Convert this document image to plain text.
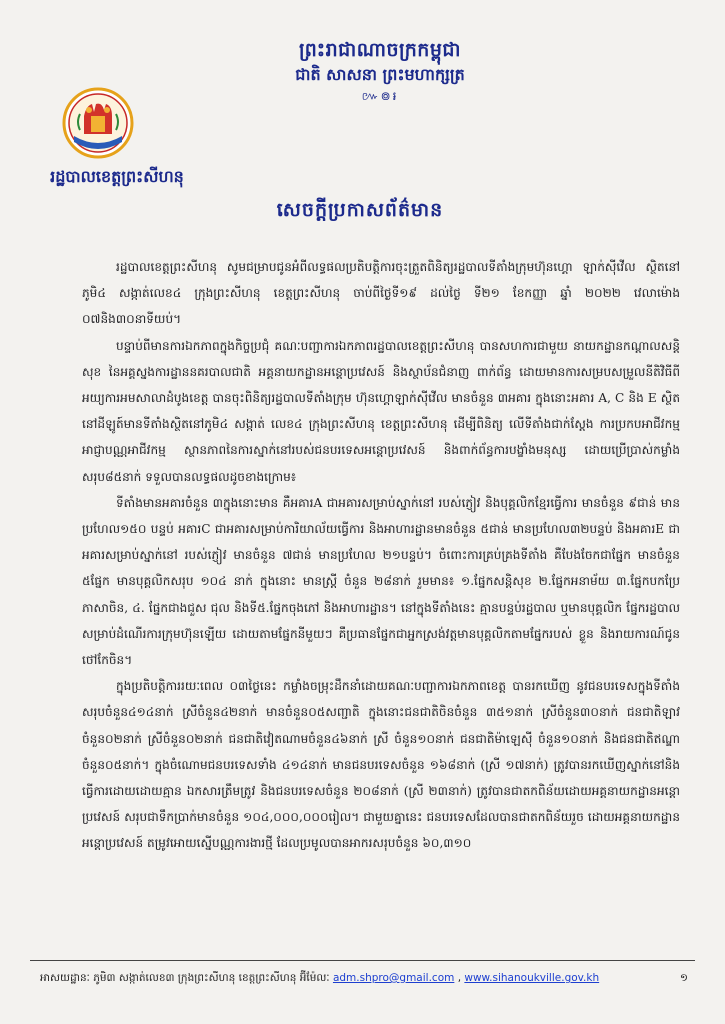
ព្រះរាជាណាចក្រកម្ពុជា
ជាតិ សាសនា ព្រះមហាក្សត្រ
៚៙៛
រដ្ឋបាលខេត្តព្រះសីហនុ
សេចក្តីប្រកាសព័ត៌មាន

រដ្ឋបាលខេត្តព្រះសីហនុ សូមជម្រាបជូនអំពីលទ្ធផលប្រតិបត្តិការចុះត្រួតពិនិត្យរដ្ឋបាលទីតាំងក្រុមហ៊ុនហ្គោ ឡាក់ស៊ីវើល ស្ថិតនៅភូមិ៤ សង្កាត់លេខ៤ ក្រុងព្រះសីហនុ ខេត្តព្រះសីហនុ ចាប់ពីថ្ងៃទី១៩ ដល់ថ្ងៃ ទី២១ ខែកញ្ញា ឆ្នាំ ២០២២ វេលាម៉ោង ០៧និង៣០នាទីយប់។

បន្ទាប់ពីមានការឯកភាពក្នុងកិច្ចប្រជុំ គណៈបញ្ជាការឯកភាពរដ្ឋបាលខេត្តព្រះសីហនុ បានសហការជាមួយ នាយកដ្ឋានកណ្តាលសន្តិសុខ នៃអគ្គស្នងការដ្ឋាននគរបាលជាតិ អគ្គនាយកដ្ឋានអន្តោប្រវេសន៍ និងស្ថាប័នជំនាញ ពាក់ព័ន្ធ ដោយមានការសម្របសម្រួលនីតិវិធីពីអយ្យការអមសាលាដំបូងខេត្ត បានចុះពិនិត្យរដ្ឋបាលទីតាំងក្រុម ហ៊ុនហ្គោឡាក់ស៊ីវើល មានចំនួន ៣អគារ ក្នុងនោះអគារ A, C និង E ស្ថិតនៅដីឡូត៍មានទីតាំងស្ថិតនៅភូមិ៤ សង្កាត់ លេខ៤ ក្រុងព្រះសីហនុ ខេត្តព្រះសីហនុ ដើម្បីពិនិត្យ លើទីតាំងជាក់ស្តែង ការប្រកបអាជីវកម្ម អាជ្ញាបណ្ណអាជីវកម្ម ស្ថានភាពនៃការស្នាក់នៅរបស់ជនបរទេសអន្តោប្រវេសន៍ និងពាក់ព័ន្ធការបង្ខាំងមនុស្ស ដោយប្រើប្រាស់កម្លាំង សរុប៨៥នាក់ ទទួលបានលទ្ធផលដូចខាងក្រោម៖

ទីតាំងមានអគារចំនួន ៣ក្នុងនោះមាន គឺអគារA ជាអគារសម្រាប់ស្នាក់នៅ របស់ភ្ញៀវ និងបុគ្គលិកខ្មែរធ្វើការ មានចំនួន ៩ជាន់ មានប្រហែល១៥០ បន្ទប់ អគារC ជាអគារសម្រាប់ការិយាល័យធ្វើការ និងអាហារដ្ឋានមានចំនួន ៥ជាន់ មានប្រហែល៣២បន្ទប់ និងអគារE ជាអគារសម្រាប់ស្នាក់នៅ របស់ភ្ញៀវ មានចំនួន ៧ជាន់ មានប្រហែល ២១បន្ទប់។ ចំពោះការគ្រប់គ្រងទីតាំង គឺបែងចែកជាផ្នែក មានចំនួន ៥ផ្នែក មានបុគ្គលិកសរុប ១០៤ នាក់ ក្នុងនោះ មានស្ត្រី ចំនួន ២៨នាក់ រួមមាន៖ ១.ផ្នែកសន្តិសុខ ២.ផ្នែកអនាម័យ ៣.ផ្នែកបកប្រែភាសាចិន, ៤. ផ្នែកជាងជួស ជុល និងទី៥.ផ្នែកចុងភៅ និងអាហារដ្ឋាន។ នៅក្នុងទីតាំងនេះ គ្មានបន្ទប់រដ្ឋបាល ឬមានបុគ្គលិក ផ្នែករដ្ឋបាល សម្រាប់ដំណើរការក្រុមហ៊ុនឡើយ ដោយតាមផ្នែកនីមួយៗ គឺប្រធានផ្នែកជាអ្នកស្រង់វត្តមានបុគ្គលិកតាមផ្នែករបស់ ខ្លួន និងរាយការណ៍ជូនថៅកែចិន។

ក្នុងប្រតិបត្តិការរយៈពេល ០៣ថ្ងៃនេះ កម្លាំងចម្រុះដឹកនាំដោយគណៈបញ្ជាការឯកភាពខេត្ត បានរកឃើញ នូវជនបរទេសក្នុងទីតាំងសរុបចំនួន៤១៤នាក់ ស្រីចំនួន៤២នាក់ មានចំនួន០៥សញ្ជាតិ ក្នុងនោះជនជាតិចិនចំនួន ៣៥១នាក់ ស្រីចំនួន៣០នាក់ ជនជាតិឡាវ ចំនួន០២នាក់ ស្រីចំនួន០២នាក់ ជនជាតិវៀតណាមចំនួន៤៦នាក់ ស្រី ចំនួន១០នាក់ ជនជាតិម៉ាឡេស៊ី ចំនួន១០នាក់ និងជនជាតិឥណ្ឌា ចំនួន០៥នាក់។ ក្នុងចំណោមជនបរទេសទាំង ៤១៤នាក់ មានជនបរទេសចំនួន ១៦៨នាក់ (ស្រី ១៧នាក់) ត្រូវបានរកឃើញស្នាក់នៅនិងធ្វើការដោយដោយគ្មាន ឯកសារត្រឹមត្រូវ និងជនបរទេសចំនួន ២០៨នាក់ (ស្រី ២៣នាក់) ត្រូវបានជាតកពិន័យដោយអគ្គនាយកដ្ឋានអន្តោ ប្រវេសន៍ សរុបជាទឹកប្រាក់មានចំនួន ១០៤,០០០,០០០រៀល។ ជាមួយគ្នានេះ ជនបរទេសដែលបានជាតកពិន័យរួច ដោយអគ្គនាយកដ្ឋានអន្តោប្រវេសន៍ តម្រូវអោយស្នើបណ្ណការងារថ្មី ដែលប្រមូលបានអាករសរុបចំនួន ៦០,៣១០

អាសយដ្ឋានៈ ភូមិ៣ សង្កាត់លេខ៣ ក្រុងព្រះសីហនុ ខេត្តព្រះសីហនុ អ៊ីម៉ែលៈ adm.shpro@gmail.com , www.sihanoukville.gov.kh	១
